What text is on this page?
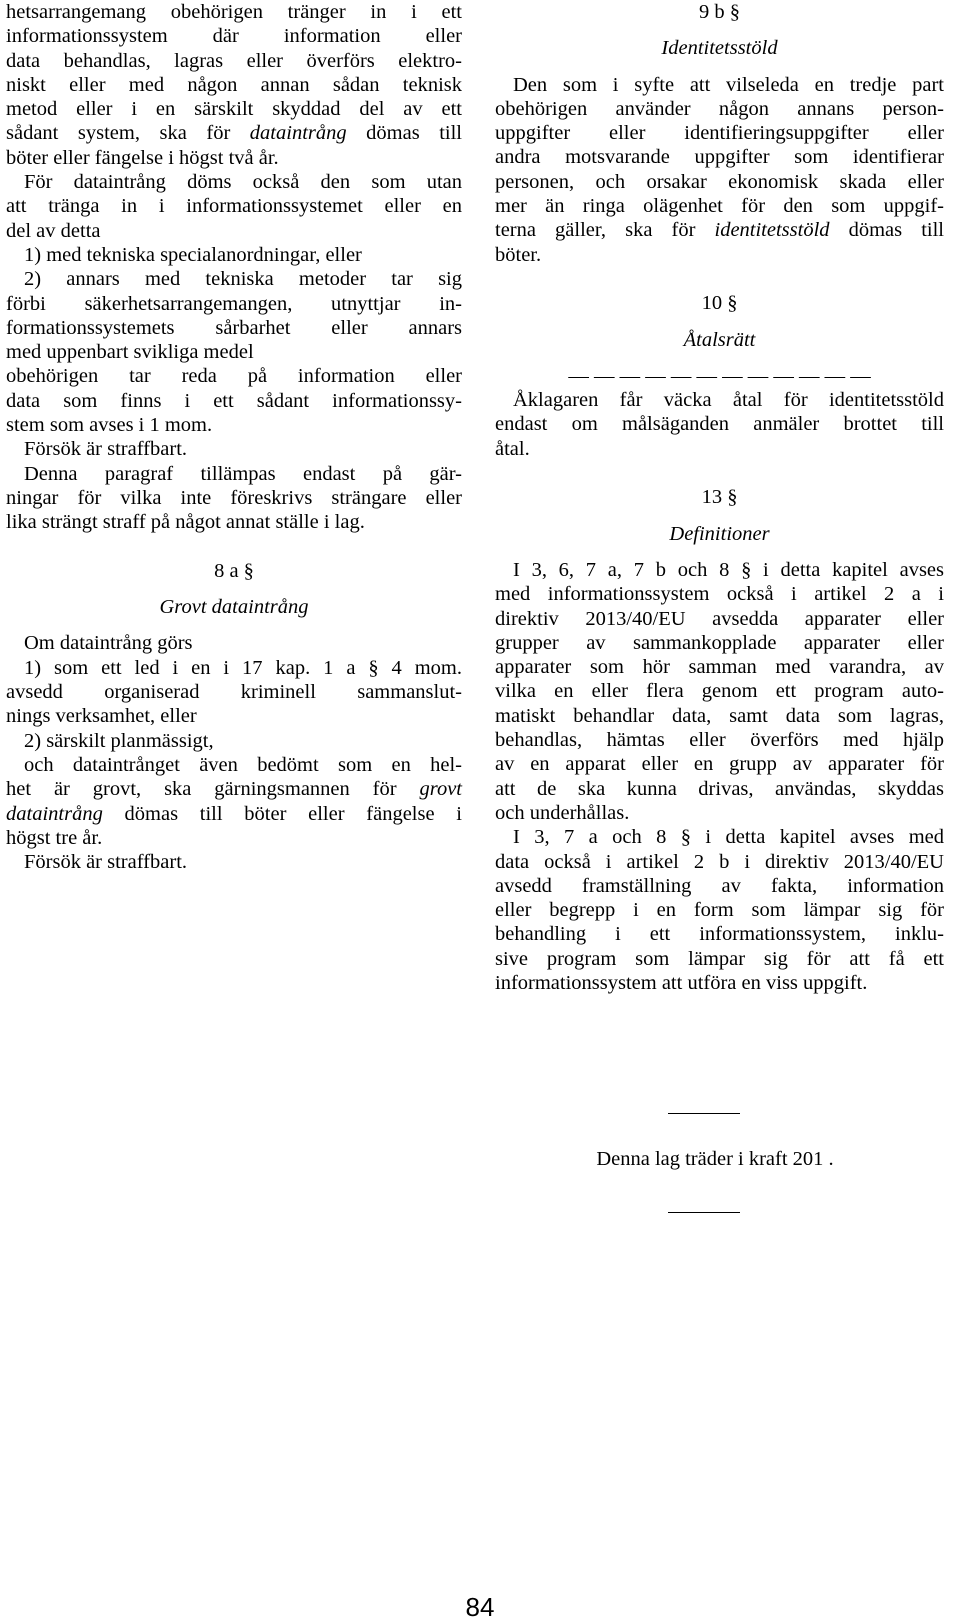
hetsarrangemang obehörigen tränger in i ett
informationssystem där information eller
data behandlas, lagras eller överförs elektro-
niskt eller med någon annan sådan teknisk
metod eller i en särskilt skyddad del av ett
sådant system, ska för dataintrång dömas till
böter eller fängelse i högst två år.
För dataintrång döms också den som utan
att tränga in i informationssystemet eller en
del av detta
1) med tekniska specialanordningar, eller
2) annars med tekniska metoder tar sig
förbi säkerhetsarrangemangen, utnyttjar in-
formationssystemets sårbarhet eller annars
med uppenbart svikliga medel
obehörigen tar reda på information eller
data som finns i ett sådant informationssy-
stem som avses i 1 mom.
Försök är straffbart.
Denna paragraf tillämpas endast på gär-
ningar för vilka inte föreskrivs strängare eller
lika strängt straff på något annat ställe i lag.
8 a §
Grovt dataintrång
Om dataintrång görs
1) som ett led i en i 17 kap. 1 a § 4 mom.
avsedd organiserad kriminell sammanslut-
nings verksamhet, eller
2) särskilt planmässigt,
och dataintrånget även bedömt som en hel-
het är grovt, ska gärningsmannen för grovt
dataintrång dömas till böter eller fängelse i
högst tre år.
Försök är straffbart.
9 b §
Identitetsstöld
Den som i syfte att vilseleda en tredje part
obehörigen använder någon annans person-
uppgifter eller identifieringsuppgifter eller
andra motsvarande uppgifter som identifierar
personen, och orsakar ekonomisk skada eller
mer än ringa olägenhet för den som uppgif-
terna gäller, ska för identitetsstöld dömas till
böter.
10 §
Åtalsrätt
— — — — — — — — — — — —
Åklagaren får väcka åtal för identitetsstöld
endast om målsäganden anmäler brottet till
åtal.
13 §
Definitioner
I 3, 6, 7 a, 7 b och 8 § i detta kapitel avses
med informationssystem också i artikel 2 a i
direktiv 2013/40/EU avsedda apparater eller
grupper av sammankopplade apparater eller
apparater som hör samman med varandra, av
vilka en eller flera genom ett program auto-
matiskt behandlar data, samt data som lagras,
behandlas, hämtas eller överförs med hjälp
av en apparat eller en grupp av apparater för
att de ska kunna drivas, användas, skyddas
och underhållas.
I 3, 7 a och 8 § i detta kapitel avses med
data också i artikel 2 b i direktiv 2013/40/EU
avsedd framställning av fakta, information
eller begrepp i en form som lämpar sig för
behandling i ett informationssystem, inklu-
sive program som lämpar sig för att få ett
informationssystem att utföra en viss uppgift.
Denna lag träder i kraft 201 .
84
